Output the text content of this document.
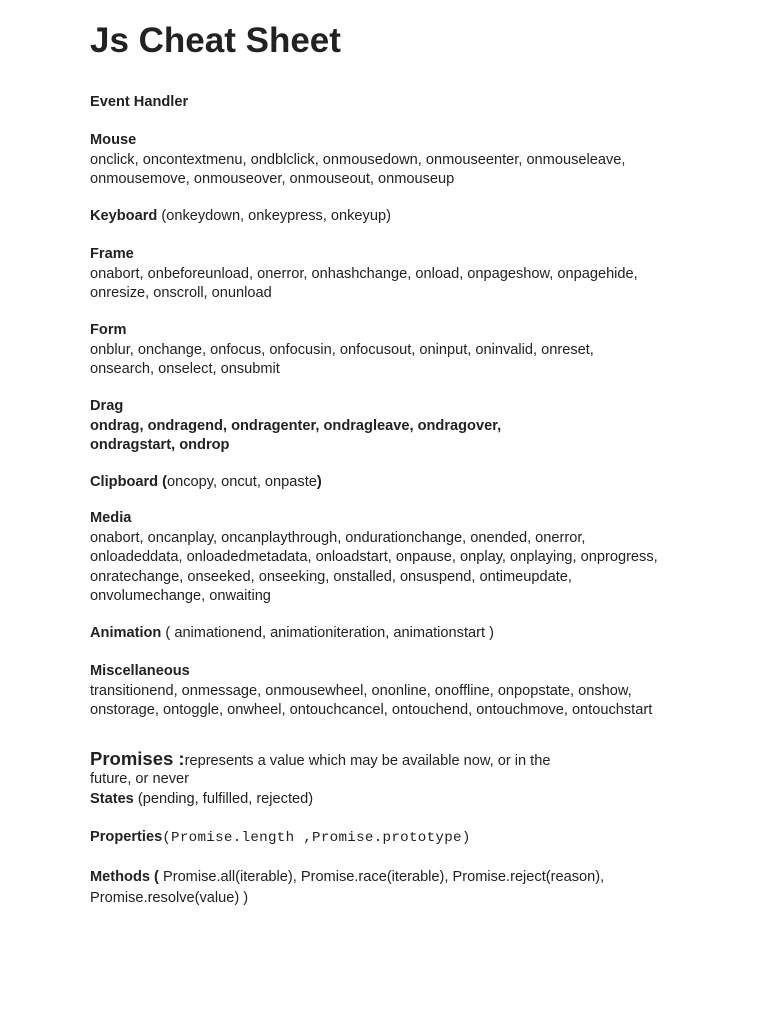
Js Cheat Sheet
Event Handler
Mouse
onclick, oncontextmenu, ondblclick, onmousedown, onmouseenter, onmouseleave,
onmousemove, onmouseover, onmouseout, onmouseup
Keyboard (onkeydown, onkeypress, onkeyup)
Frame
onabort, onbeforeunload, onerror, onhashchange, onload, onpageshow, onpagehide,
onresize, onscroll, onunload
Form
onblur, onchange, onfocus, onfocusin, onfocusout, oninput, oninvalid, onreset,
onsearch, onselect, onsubmit
Drag
ondrag, ondragend, ondragenter, ondragleave, ondragover,
ondragstart, ondrop
Clipboard (oncopy, oncut, onpaste)
Media
onabort, oncanplay, oncanplaythrough, ondurationchange, onended, onerror,
onloadeddata, onloadedmetadata, onloadstart, onpause, onplay, onplaying, onprogress,
onratechange, onseeked, onseeking, onstalled, onsuspend, ontimeupdate,
onvolumechange, onwaiting
Animation ( animationend, animationiteration, animationstart )
Miscellaneous
transitionend, onmessage, onmousewheel, ononline, onoffline, onpopstate, onshow,
onstorage, ontoggle, onwheel, ontouchcancel, ontouchend, ontouchmove, ontouchstart
Promises :represents a value which may be available now, or in the
future, or never
States (pending, fulfilled, rejected)
Properties(Promise.length ,Promise.prototype)
Methods ( Promise.all(iterable), Promise.race(iterable), Promise.reject(reason),
Promise.resolve(value) )
